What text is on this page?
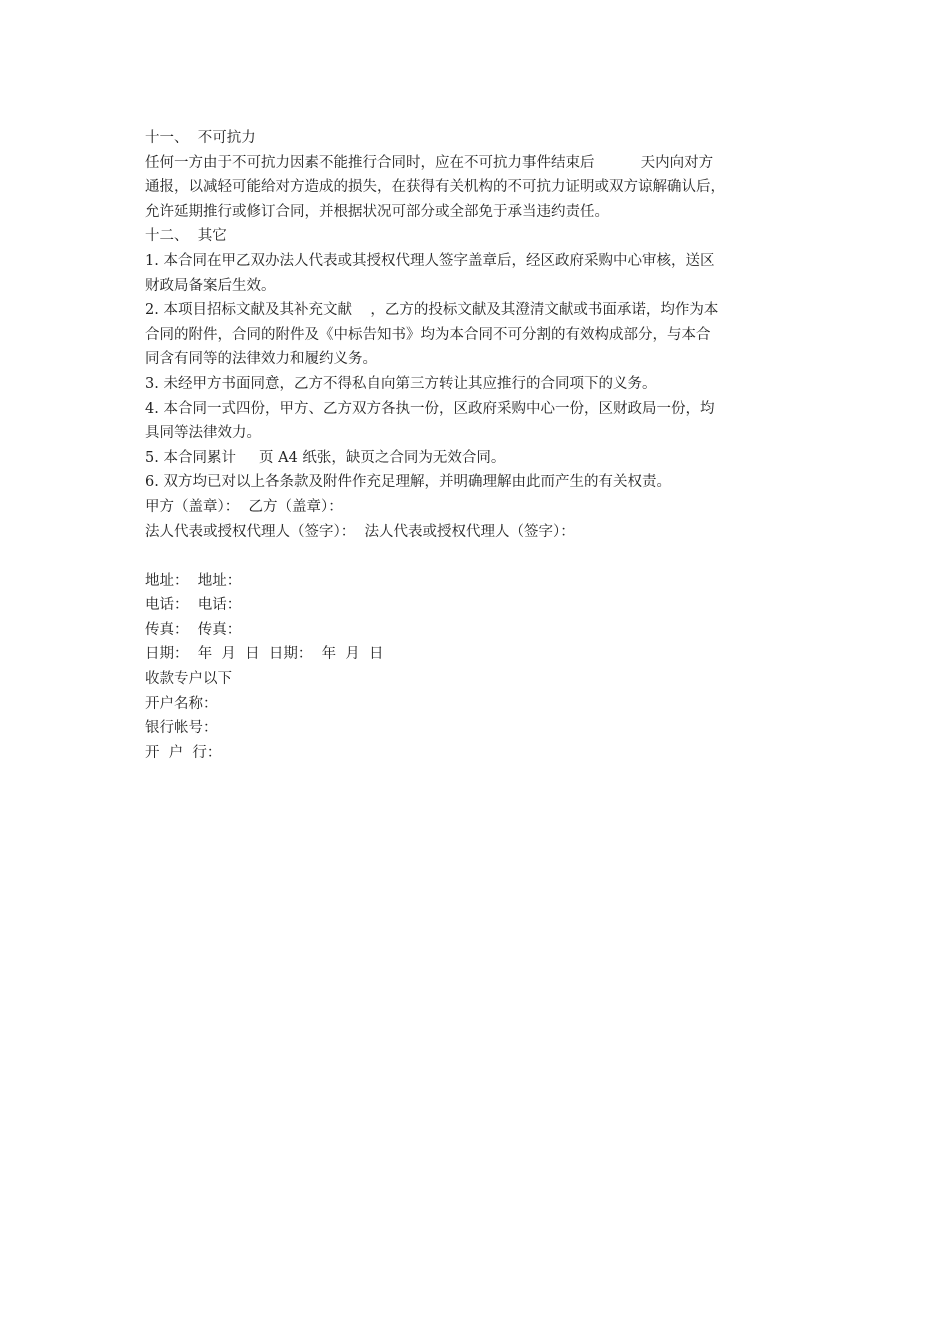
十一、  不可抗力

任何一方由于不可抗力因素不能推行合同时，应在不可抗力事件结束后          天内向对方

通报，以减轻可能给对方造成的损失，在获得有关机构的不可抗力证明或双方谅解确认后，

允许延期推行或修订合同，并根据状况可部分或全部免于承当违约责任。

十二、  其它

1. 本合同在甲乙双办法人代表或其授权代理人签字盖章后，经区政府采购中心审核，送区

财政局备案后生效。

2. 本项目招标文献及其补充文献    ，乙方的投标文献及其澄清文献或书面承诺，均作为本

合同的附件，合同的附件及《中标告知书》均为本合同不可分割的有效构成部分，与本合

同含有同等的法律效力和履约义务。

3. 未经甲方书面同意，乙方不得私自向第三方转让其应推行的合同项下的义务。

4. 本合同一式四份，甲方、乙方双方各执一份，区政府采购中心一份，区财政局一份，均

具同等法律效力。

5. 本合同累计     页 A4 纸张，缺页之合同为无效合同。

6. 双方均已对以上各条款及附件作充足理解，并明确理解由此而产生的有关权责。

甲方（盖章）：  乙方（盖章）：

法人代表或授权代理人（签字）：  法人代表或授权代理人（签字）：

地址：  地址：

电话：  电话：

传真：  传真：

日期：  年  月  日  日期：  年  月  日

收款专户以下

开户名称：

银行帐号：

开  户  行：
